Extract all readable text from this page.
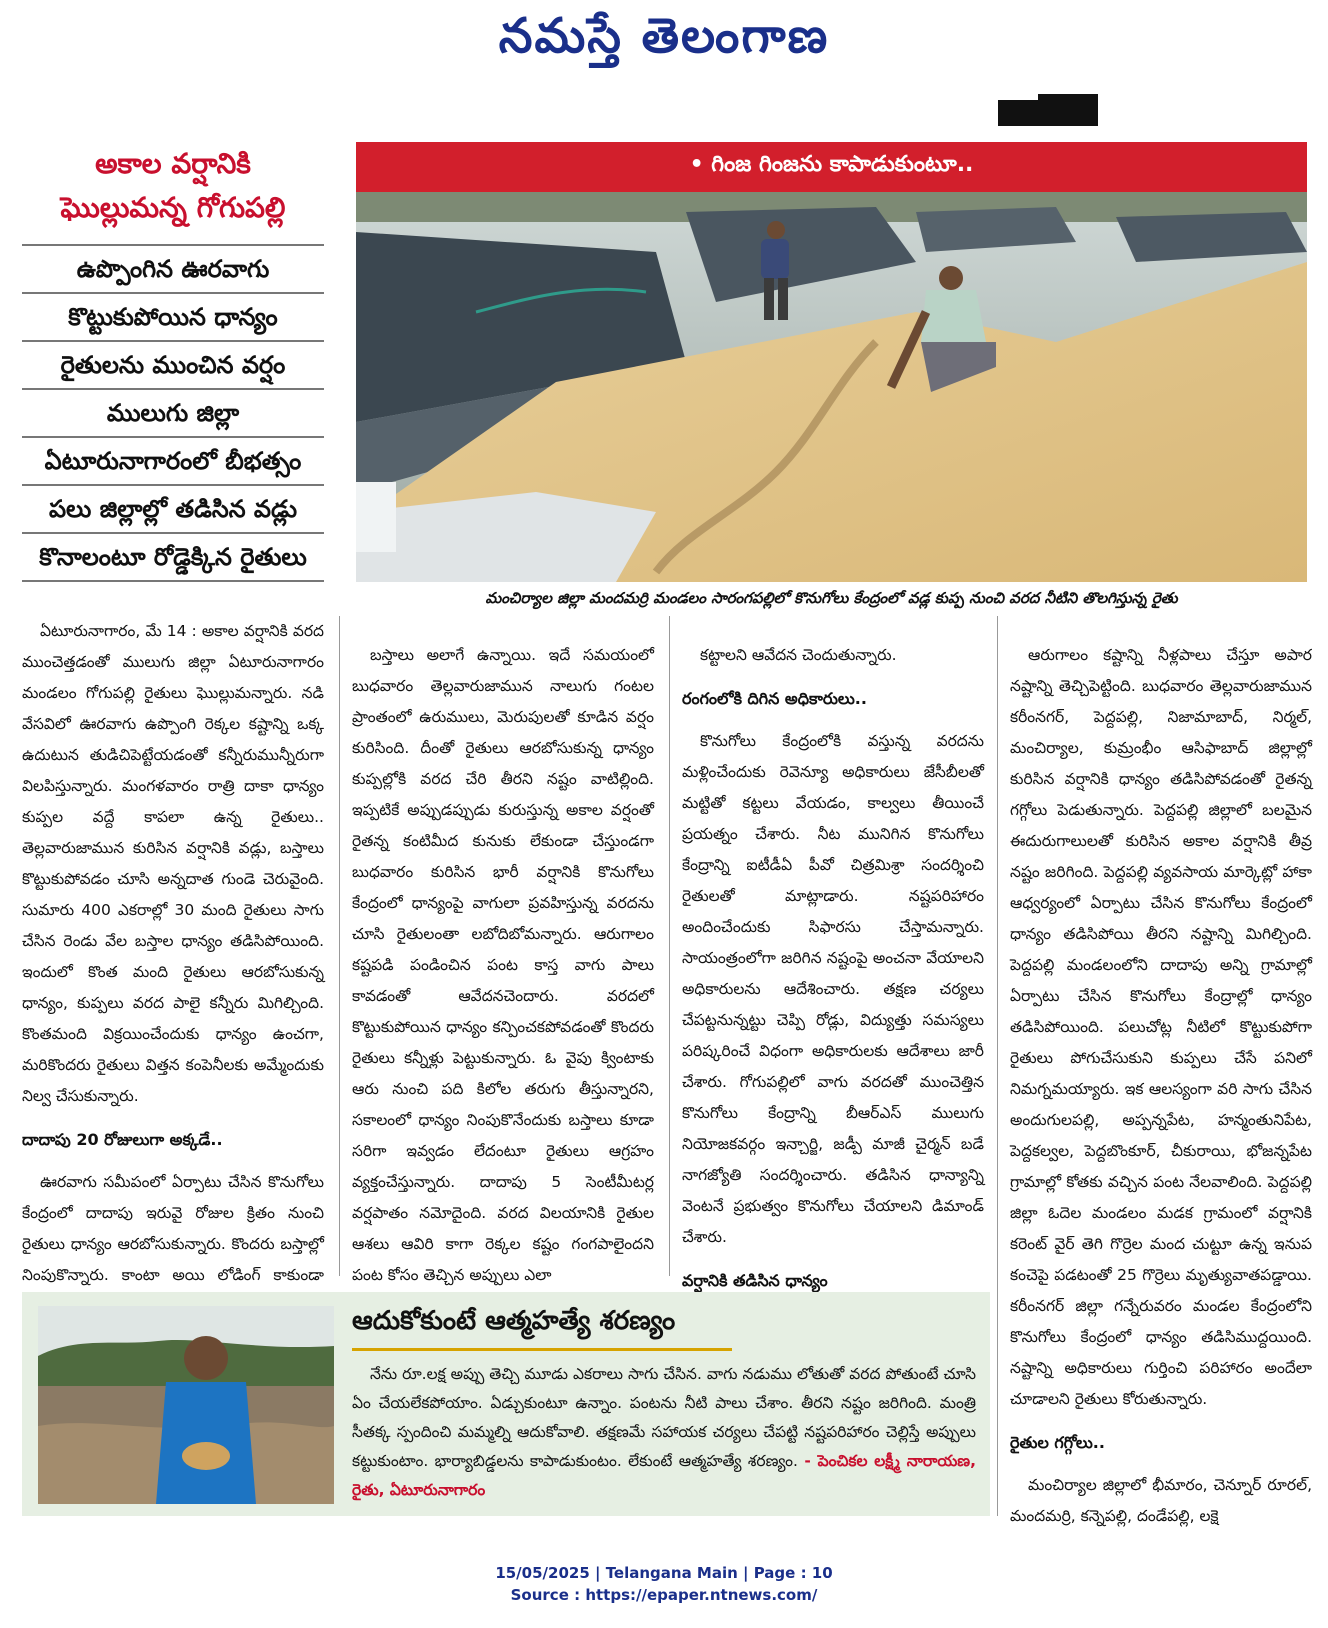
నమస్తే తెలంగాణ
అకాల వర్షానికి
ఘొల్లుమన్న గోగుపల్లి
ఉప్పొంగిన ఊరవాగు
కొట్టుకుపోయిన ధాన్యం
రైతులను ముంచిన వర్షం
ములుగు జిల్లా
ఏటూరునాగారంలో బీభత్సం
పలు జిల్లాల్లో తడిసిన వడ్లు
కొనాలంటూ రోడ్డెక్కిన రైతులు
• గింజ గింజను కాపాడుకుంటూ..
మంచిర్యాల జిల్లా మందమర్రి మండలం సారంగపల్లిలో కొనుగోలు కేంద్రంలో వడ్ల కుప్ప నుంచి వరద నీటిని తొలగిస్తున్న రైతు

ఏటూరునాగారం, మే 14 : అకాల వర్షానికి వరద ముంచెత్తడంతో ములుగు జిల్లా ఏటూరునాగారం మండలం గోగుపల్లి రైతులు ఘొల్లుమన్నారు. నడి వేసవిలో ఊరవాగు ఉప్పొంగి రెక్కల కష్టాన్ని ఒక్క ఉదుటున తుడిచిపెట్టేయడంతో కన్నీరుమున్నీరుగా విలపిస్తున్నారు. మంగళవారం రాత్రి దాకా ధాన్యం కుప్పల వద్దే కాపలా ఉన్న రైతులు.. తెల్లవారుజామున కురిసిన వర్షానికి వడ్లు, బస్తాలు కొట్టుకుపోవడం చూసి అన్నదాత గుండె చెరువైంది. సుమారు 400 ఎకరాల్లో 30 మంది రైతులు సాగు చేసిన రెండు వేల బస్తాల ధాన్యం తడిసిపోయింది. ఇందులో కొంత మంది రైతులు ఆరబోసుకున్న ధాన్యం, కుప్పలు వరద పాలై కన్నీరు మిగిల్చింది. కొంతమంది విక్రయించేందుకు ధాన్యం ఉంచగా, మరికొందరు రైతులు విత్తన కంపెనీలకు అమ్మేందుకు నిల్వ చేసుకున్నారు.

దాదాపు 20 రోజులుగా అక్కడే..

ఊరవాగు సమీపంలో ఏర్పాటు చేసిన కొనుగోలు కేంద్రంలో దాదాపు ఇరువై రోజుల క్రితం నుంచి రైతులు ధాన్యం ఆరబోసుకున్నారు. కొందరు బస్తాల్లో నింపుకొన్నారు. కాంటా అయి లోడింగ్ కాకుండా

బస్తాలు అలాగే ఉన్నాయి. ఇదే సమయంలో బుధవారం తెల్లవారుజామున నాలుగు గంటల ప్రాంతంలో ఉరుములు, మెరుపులతో కూడిన వర్షం కురిసింది. దీంతో రైతులు ఆరబోసుకున్న ధాన్యం కుప్పల్లోకి వరద చేరి తీరని నష్టం వాటిల్లింది. ఇప్పటికే అప్పుడప్పుడు కురుస్తున్న అకాల వర్షంతో రైతన్న కంటిమీద కునుకు లేకుండా చేస్తుండగా బుధవారం కురిసిన భారీ వర్షానికి కొనుగోలు కేంద్రంలో ధాన్యంపై వాగులా ప్రవహిస్తున్న వరదను చూసి రైతులంతా లబోదిబోమన్నారు. ఆరుగాలం కష్టపడి పండించిన పంట కాస్త వాగు పాలు కావడంతో ఆవేదనచెందారు. వరదలో కొట్టుకుపోయిన ధాన్యం కన్పించకపోవడంతో కొందరు రైతులు కన్నీళ్లు పెట్టుకున్నారు. ఓ వైపు క్వింటాకు ఆరు నుంచి పది కిలోల తరుగు తీస్తున్నారని, సకాలంలో ధాన్యం నింపుకొనేందుకు బస్తాలు కూడా సరిగా ఇవ్వడం లేదంటూ రైతులు ఆగ్రహం వ్యక్తంచేస్తున్నారు. దాదాపు 5 సెంటీమీటర్ల వర్షపాతం నమోదైంది. వరద విలయానికి రైతుల ఆశలు ఆవిరి కాగా రెక్కల కష్టం గంగపాలైందని పంట కోసం తెచ్చిన అప్పులు ఎలా

కట్టాలని ఆవేదన చెందుతున్నారు.

రంగంలోకి దిగిన అధికారులు..

కొనుగోలు కేంద్రంలోకి వస్తున్న వరదను మళ్లించేందుకు రెవెన్యూ అధికారులు జేసీబీలతో మట్టితో కట్టలు వేయడం, కాల్వలు తీయించే ప్రయత్నం చేశారు. నీట మునిగిన కొనుగోలు కేంద్రాన్ని ఐటీడీఏ పీవో చిత్రమిశ్రా సందర్శించి రైతులతో మాట్లాడారు. నష్టపరిహారం అందించేందుకు సిఫారసు చేస్తామన్నారు. సాయంత్రంలోగా జరిగిన నష్టంపై అంచనా వేయాలని అధికారులను ఆదేశించారు. తక్షణ చర్యలు చేపట్టనున్నట్టు చెప్పి రోడ్లు, విద్యుత్తు సమస్యలు పరిష్కరించే విధంగా అధికారులకు ఆదేశాలు జారీ చేశారు. గోగుపల్లిలో వాగు వరదతో ముంచెత్తిన కొనుగోలు కేంద్రాన్ని బీఆర్ఎస్ ములుగు నియోజకవర్గం ఇన్చార్జి, జడ్పీ మాజీ చైర్మన్ బడే నాగజ్యోతి సందర్శించారు. తడిసిన ధాన్యాన్ని వెంటనే ప్రభుత్వం కొనుగోలు చేయాలని డిమాండ్ చేశారు.

వర్షానికి తడిసిన ధాన్యం

ఆరుగాలం కష్టాన్ని నీళ్లపాలు చేస్తూ అపార నష్టాన్ని తెచ్చిపెట్టింది. బుధవారం తెల్లవారుజామున కరీంనగర్, పెద్దపల్లి, నిజామాబాద్, నిర్మల్, మంచిర్యాల, కుమ్రంభీం ఆసిఫాబాద్ జిల్లాల్లో కురిసిన వర్షానికి ధాన్యం తడిసిపోవడంతో రైతన్న గగ్గోలు పెడుతున్నారు. పెద్దపల్లి జిల్లాలో బలమైన ఈదురుగాలులతో కురిసిన అకాల వర్షానికి తీవ్ర నష్టం జరిగింది. పెద్దపల్లి వ్యవసాయ మార్కెట్లో హాకా ఆధ్వర్యంలో ఏర్పాటు చేసిన కొనుగోలు కేంద్రంలో ధాన్యం తడిసిపోయి తీరని నష్టాన్ని మిగిల్చింది. పెద్దపల్లి మండలంలోని దాదాపు అన్ని గ్రామాల్లో ఏర్పాటు చేసిన కొనుగోలు కేంద్రాల్లో ధాన్యం తడిసిపోయింది. పలుచోట్ల నీటిలో కొట్టుకుపోగా రైతులు పోగుచేసుకుని కుప్పలు చేసే పనిలో నిమగ్నమయ్యారు. ఇక ఆలస్యంగా వరి సాగు చేసిన అందుగులపల్లి, అప్పన్నపేట, హన్మంతునిపేట, పెద్దకల్వల, పెద్దబొంకూర్, చీకురాయి, భోజన్నపేట గ్రామాల్లో కోతకు వచ్చిన పంట నేలవాలింది. పెద్దపల్లి జిల్లా ఓదెల మండలం మడక గ్రామంలో వర్షానికి కరెంట్ వైర్ తెగి గొర్రెల మంద చుట్టూ ఉన్న ఇనుప కంచెపై పడటంతో 25 గొర్రెలు మృత్యువాతపడ్డాయి. కరీంనగర్ జిల్లా గన్నేరువరం మండల కేంద్రంలోని కొనుగోలు కేంద్రంలో ధాన్యం తడిసిముద్దయింది. నష్టాన్ని అధికారులు గుర్తించి పరిహారం అందేలా చూడాలని రైతులు కోరుతున్నారు.

రైతుల గగ్గోలు..

మంచిర్యాల జిల్లాలో భీమారం, చెన్నూర్ రూరల్, మందమర్రి, కన్నెపల్లి, దండేపల్లి, లక్షె

ఆదుకోకుంటే ఆత్మహత్యే శరణ్యం

నేను రూ.లక్ష అప్పు తెచ్చి మూడు ఎకరాలు సాగు చేసిన. వాగు నడుము లోతుతో వరద పోతుంటే చూసి ఏం చేయలేకపోయాం. ఏడ్చుకుంటూ ఉన్నాం. పంటను నీటి పాలు చేశాం. తీరని నష్టం జరిగింది. మంత్రి సీతక్క స్పందించి మమ్మల్ని ఆదుకోవాలి. తక్షణమే సహాయక చర్యలు చేపట్టి నష్టపరిహారం చెల్లిస్తే అప్పులు కట్టుకుంటాం. భార్యాబిడ్డలను కాపాడుకుంటం. లేకుంటే ఆత్మహత్యే శరణ్యం. - పెంచికల లక్ష్మీ నారాయణ, రైతు, ఏటూరునాగారం

15/05/2025 | Telangana Main | Page : 10
Source : https://epaper.ntnews.com/
